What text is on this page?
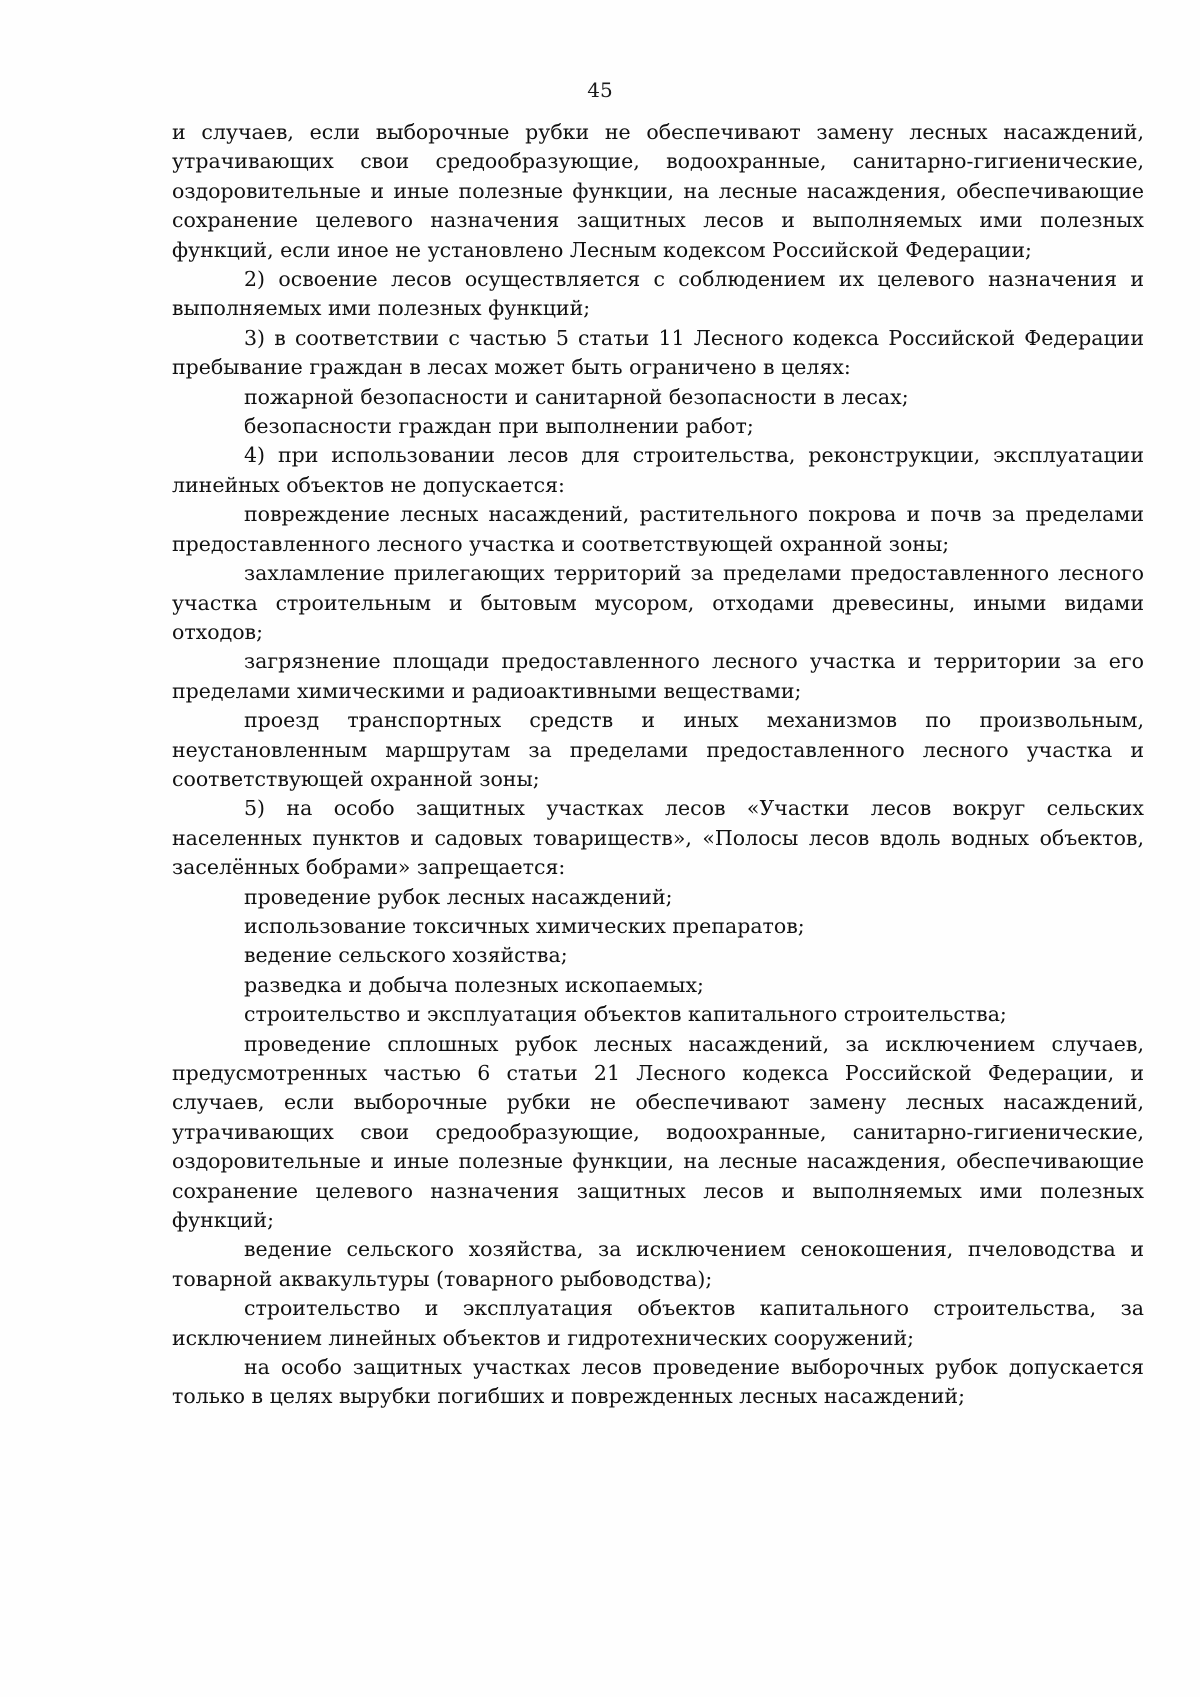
45

и случаев, если выборочные рубки не обеспечивают замену лесных насаждений, утрачивающих свои средообразующие, водоохранные, санитарно-гигиенические, оздоровительные и иные полезные функции, на лесные насаждения, обеспечивающие сохранение целевого назначения защитных лесов и выполняемых ими полезных функций, если иное не установлено Лесным кодексом Российской Федерации;

2) освоение лесов осуществляется с соблюдением их целевого назначения и выполняемых ими полезных функций;

3) в соответствии с частью 5 статьи 11 Лесного кодекса Российской Федерации пребывание граждан в лесах может быть ограничено в целях:

пожарной безопасности и санитарной безопасности в лесах;

безопасности граждан при выполнении работ;

4) при использовании лесов для строительства, реконструкции, эксплуатации линейных объектов не допускается:

повреждение лесных насаждений, растительного покрова и почв за пределами предоставленного лесного участка и соответствующей охранной зоны;

захламление прилегающих территорий за пределами предоставленного лесного участка строительным и бытовым мусором, отходами древесины, иными видами отходов;

загрязнение площади предоставленного лесного участка и территории за его пределами химическими и радиоактивными веществами;

проезд транспортных средств и иных механизмов по произвольным, неустановленным маршрутам за пределами предоставленного лесного участка и соответствующей охранной зоны;

5) на особо защитных участках лесов «Участки лесов вокруг сельских населенных пунктов и садовых товариществ», «Полосы лесов вдоль водных объектов, заселённых бобрами» запрещается:

проведение рубок лесных насаждений;

использование токсичных химических препаратов;

ведение сельского хозяйства;

разведка и добыча полезных ископаемых;

строительство и эксплуатация объектов капитального строительства;

проведение сплошных рубок лесных насаждений, за исключением случаев, предусмотренных частью 6 статьи 21 Лесного кодекса Российской Федерации, и случаев, если выборочные рубки не обеспечивают замену лесных насаждений, утрачивающих свои средообразующие, водоохранные, санитарно-гигиенические, оздоровительные и иные полезные функции, на лесные насаждения, обеспечивающие сохранение целевого назначения защитных лесов и выполняемых ими полезных функций;

ведение сельского хозяйства, за исключением сенокошения, пчеловодства и товарной аквакультуры (товарного рыбоводства);

строительство и эксплуатация объектов капитального строительства, за исключением линейных объектов и гидротехнических сооружений;

на особо защитных участках лесов проведение выборочных рубок допускается только в целях вырубки погибших и поврежденных лесных насаждений;
